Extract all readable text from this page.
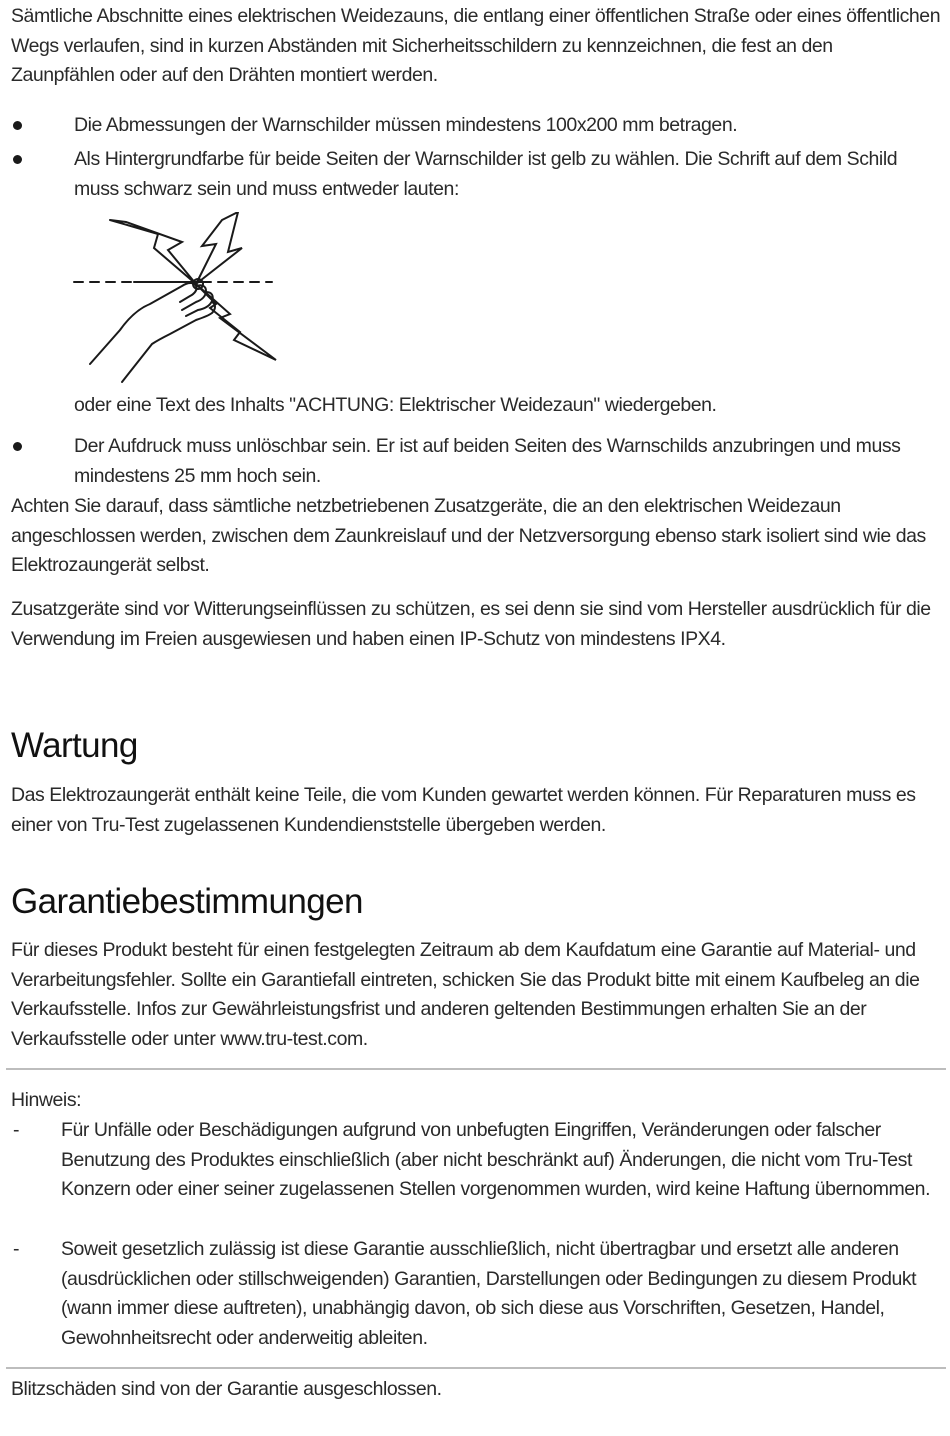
Sämtliche Abschnitte eines elektrischen Weidezauns, die entlang einer öffentlichen Straße oder eines öffentlichen Wegs verlaufen, sind in kurzen Abständen mit Sicherheitsschildern zu kennzeichnen, die fest an den Zaunpfählen oder auf den Drähten montiert werden.

Die Abmessungen der Warnschilder müssen mindestens 100x200 mm betragen.
Als Hintergrundfarbe für beide Seiten der Warnschilder ist gelb zu wählen. Die Schrift auf dem Schild muss schwarz sein und muss entweder lauten:

oder eine Text des Inhalts "ACHTUNG: Elektrischer Weidezaun" wiedergeben.

Der Aufdruck muss unlöschbar sein. Er ist auf beiden Seiten des Warnschilds anzubringen und muss mindestens 25 mm hoch sein.

Achten Sie darauf, dass sämtliche netzbetriebenen Zusatzgeräte, die an den elektrischen Weidezaun angeschlossen werden, zwischen dem Zaunkreislauf und der Netzversorgung ebenso stark isoliert sind wie das Elektrozaungerät selbst.

Zusatzgeräte sind vor Witterungseinflüssen zu schützen, es sei denn sie sind vom Hersteller ausdrücklich für die Verwendung im Freien ausgewiesen und haben einen IP-Schutz von mindestens IPX4.

Wartung

Das Elektrozaungerät enthält keine Teile, die vom Kunden gewartet werden können. Für Reparaturen muss es einer von Tru-Test zugelassenen Kundendienststelle übergeben werden.

Garantiebestimmungen

Für dieses Produkt besteht für einen festgelegten Zeitraum ab dem Kaufdatum eine Garantie auf Material- und Verarbeitungsfehler. Sollte ein Garantiefall eintreten, schicken Sie das Produkt bitte mit einem Kaufbeleg an die Verkaufsstelle. Infos zur Gewährleistungsfrist und anderen geltenden Bestimmungen erhalten Sie an der Verkaufsstelle oder unter www.tru-test.com.

Hinweis:

- Für Unfälle oder Beschädigungen aufgrund von unbefugten Eingriffen, Veränderungen oder falscher Benutzung des Produktes einschließlich (aber nicht beschränkt auf) Änderungen, die nicht vom Tru-Test Konzern oder einer seiner zugelassenen Stellen vorgenommen wurden, wird keine Haftung übernommen.
- Soweit gesetzlich zulässig ist diese Garantie ausschließlich, nicht übertragbar und ersetzt alle anderen (ausdrücklichen oder stillschweigenden) Garantien, Darstellungen oder Bedingungen zu diesem Produkt (wann immer diese auftreten), unabhängig davon, ob sich diese aus Vorschriften, Gesetzen, Handel, Gewohnheitsrecht oder anderweitig ableiten.

Blitzschäden sind von der Garantie ausgeschlossen.
